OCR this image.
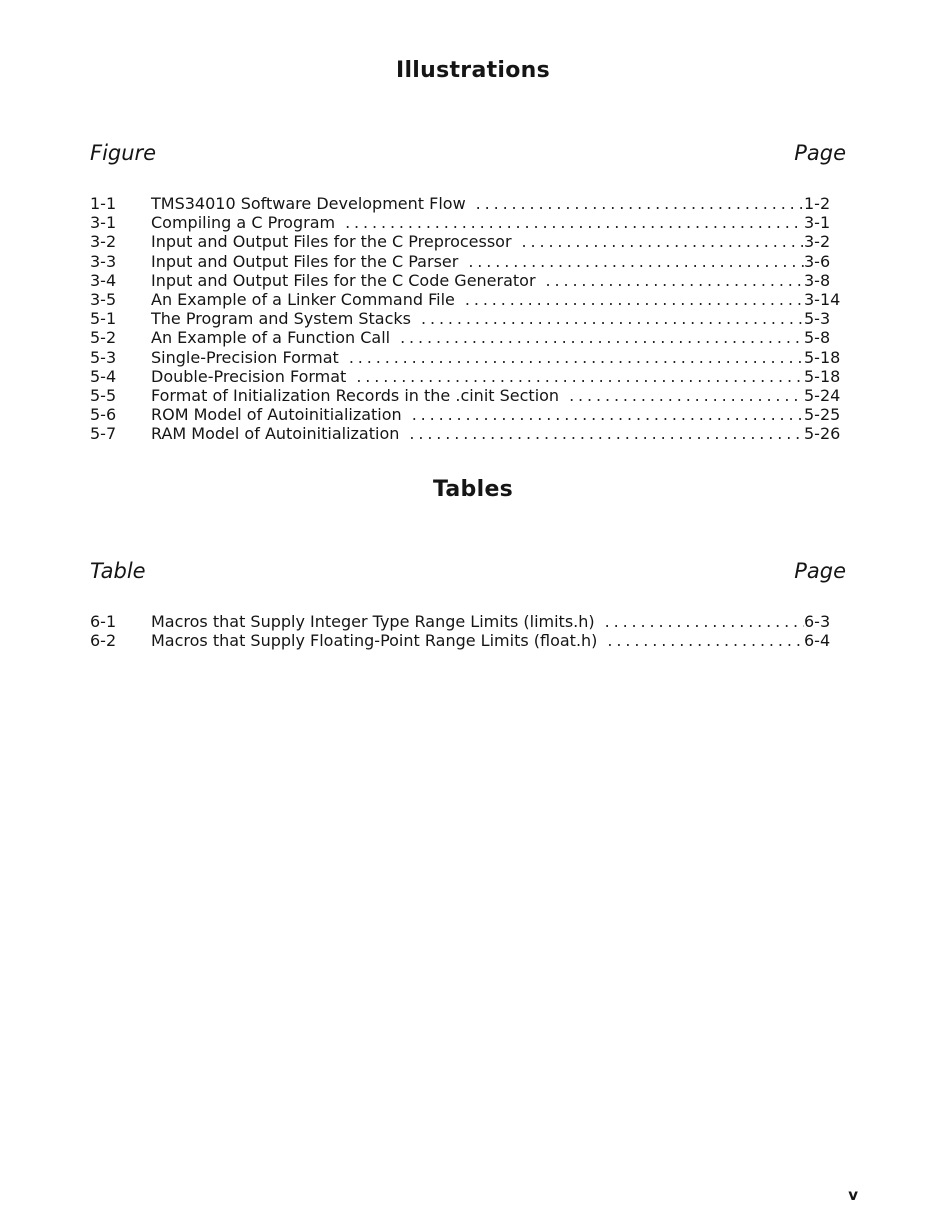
Illustrations
Figure	Page
1-1	TMS34010 Software Development Flow . . .	1-2
3-1	Compiling a C Program . . .	3-1
3-2	Input and Output Files for the C Preprocessor . . .	3-2
3-3	Input and Output Files for the C Parser . . .	3-6
3-4	Input and Output Files for the C Code Generator . . .	3-8
3-5	An Example of a Linker Command File . . .	3-14
5-1	The Program and System Stacks . . .	5-3
5-2	An Example of a Function Call . . .	5-8
5-3	Single-Precision Format . . .	5-18
5-4	Double-Precision Format . . .	5-18
5-5	Format of Initialization Records in the .cinit Section . . .	5-24
5-6	ROM Model of Autoinitialization . . .	5-25
5-7	RAM Model of Autoinitialization . . .	5-26
Tables
Table	Page
6-1	Macros that Supply Integer Type Range Limits (limits.h) . . .	6-3
6-2	Macros that Supply Floating-Point Range Limits (float.h) . . .	6-4
v
